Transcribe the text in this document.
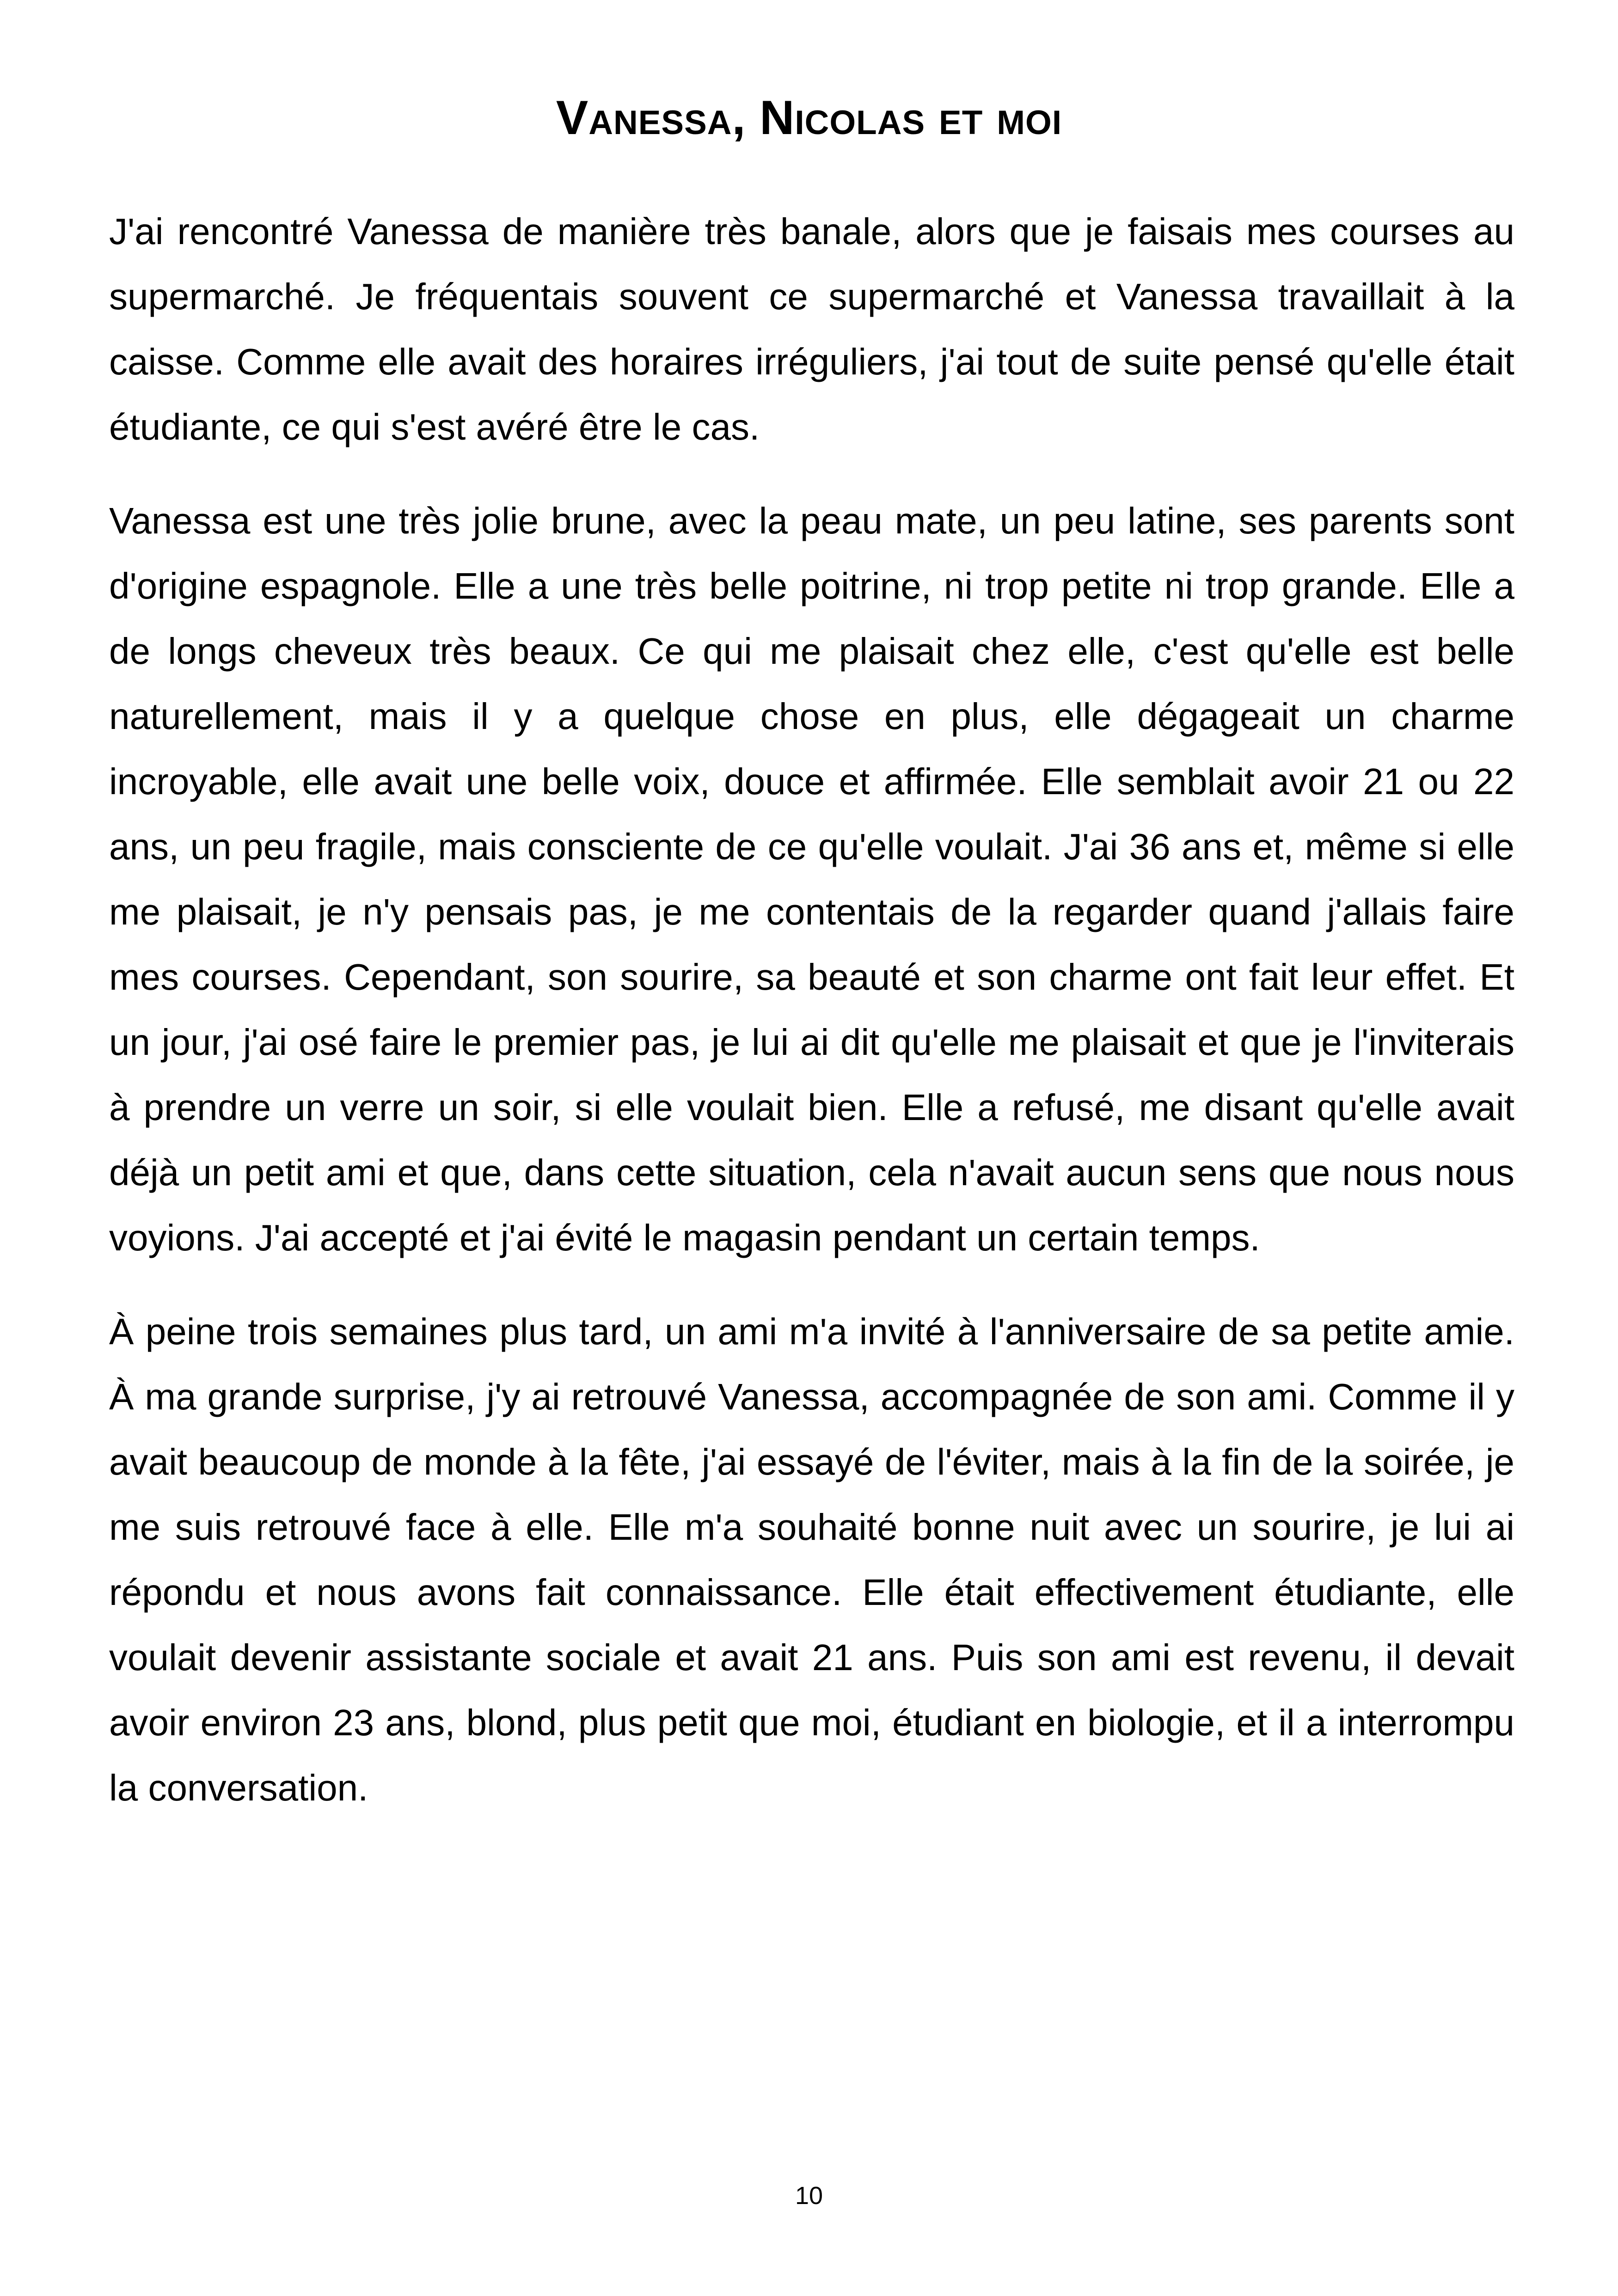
Vanessa, Nicolas et moi

J'ai rencontré Vanessa de manière très banale, alors que je faisais mes courses au supermarché. Je fréquentais souvent ce supermarché et Vanessa travaillait à la caisse. Comme elle avait des horaires irréguliers, j'ai tout de suite pensé qu'elle était étudiante, ce qui s'est avéré être le cas.

Vanessa est une très jolie brune, avec la peau mate, un peu latine, ses parents sont d'origine espagnole. Elle a une très belle poitrine, ni trop petite ni trop grande. Elle a de longs cheveux très beaux. Ce qui me plaisait chez elle, c'est qu'elle est belle naturellement, mais il y a quelque chose en plus, elle dégageait un charme incroyable, elle avait une belle voix, douce et affirmée. Elle semblait avoir 21 ou 22 ans, un peu fragile, mais consciente de ce qu'elle voulait. J'ai 36 ans et, même si elle me plaisait, je n'y pensais pas, je me contentais de la regarder quand j'allais faire mes courses. Cependant, son sourire, sa beauté et son charme ont fait leur effet. Et un jour, j'ai osé faire le premier pas, je lui ai dit qu'elle me plaisait et que je l'inviterais à prendre un verre un soir, si elle voulait bien. Elle a refusé, me disant qu'elle avait déjà un petit ami et que, dans cette situation, cela n'avait aucun sens que nous nous voyions. J'ai accepté et j'ai évité le magasin pendant un certain temps.

À peine trois semaines plus tard, un ami m'a invité à l'anniversaire de sa petite amie. À ma grande surprise, j'y ai retrouvé Vanessa, accompagnée de son ami. Comme il y avait beaucoup de monde à la fête, j'ai essayé de l'éviter, mais à la fin de la soirée, je me suis retrouvé face à elle. Elle m'a souhaité bonne nuit avec un sourire, je lui ai répondu et nous avons fait connaissance. Elle était effectivement étudiante, elle voulait devenir assistante sociale et avait 21 ans. Puis son ami est revenu, il devait avoir environ 23 ans, blond, plus petit que moi, étudiant en biologie, et il a interrompu la conversation.

10
